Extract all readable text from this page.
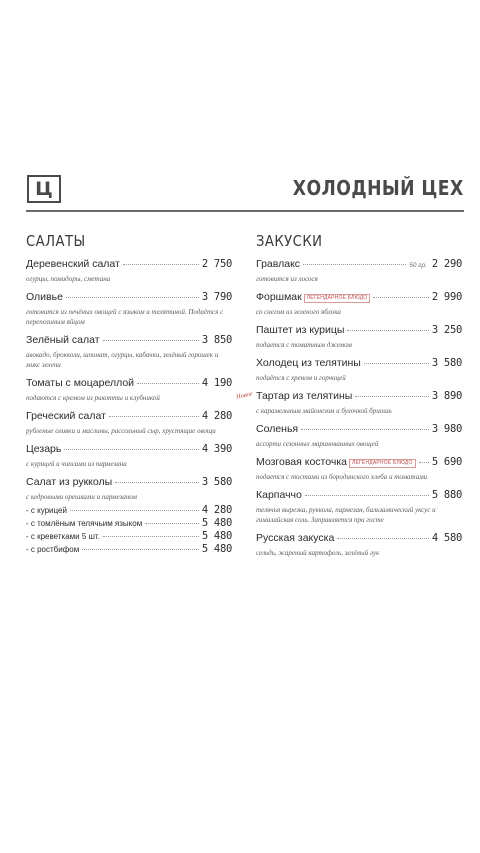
Ц	ХОЛОДНЫЙ ЦЕХ
САЛАТЫ
Деревенский салат	2 750
огурцы, помидоры, сметана
Оливье	3 790
готовится из печёных овощей с языком и телятиной. Подаётся с перепелиным яйцом
Зелёный салат	3 850
авокадо, брокколи, шпинат, огурцы, кабачки, зелёный горошек и микс зелени
Томаты с моцареллой	4 190
подаются с кремом из рикотты и клубникой
Греческий салат	4 280
рубленые оливки и маслины, рассольный сыр, хрустящие овощи
Цезарь	4 390
с курицей и чипсами из пармезана
Салат из рукколы	3 580
с кедровыми орешками и пармезаном
- с курицей	4 280
- с томлёным телячьим языком	5 480
- с креветками 5 шт.	5 480
- с ростбифом	5 480
ЗАКУСКИ
Гравлакс	50 гр. 2 290
готовится из лосося
Форшмак	ЛЕГЕНДАРНОЕ БЛЮДО	2 990
со снегом из зеленого яблока
Паштет из курицы	3 250
подается с томатным джемом
Холодец из телятины	3 580
подаётся с хреном и горчицей
Новое Тартар из телятины	3 890
с карамельным майонезом и булочкой бриошь
Соленья	3 980
ассорти сезонных маринованных овощей
Мозговая косточка	ЛЕГЕНДАРНОЕ БЛЮДО 5 690
подается с тостами из бородинского хлеба и томатами
Карпаччо	5 880
телячья вырезка, руккола, пармезан, бальзамический уксус и гималайская соль. Заправляется при госте
Русская закуска	4 580
сельдь, жареный картофель, зелёный лук
